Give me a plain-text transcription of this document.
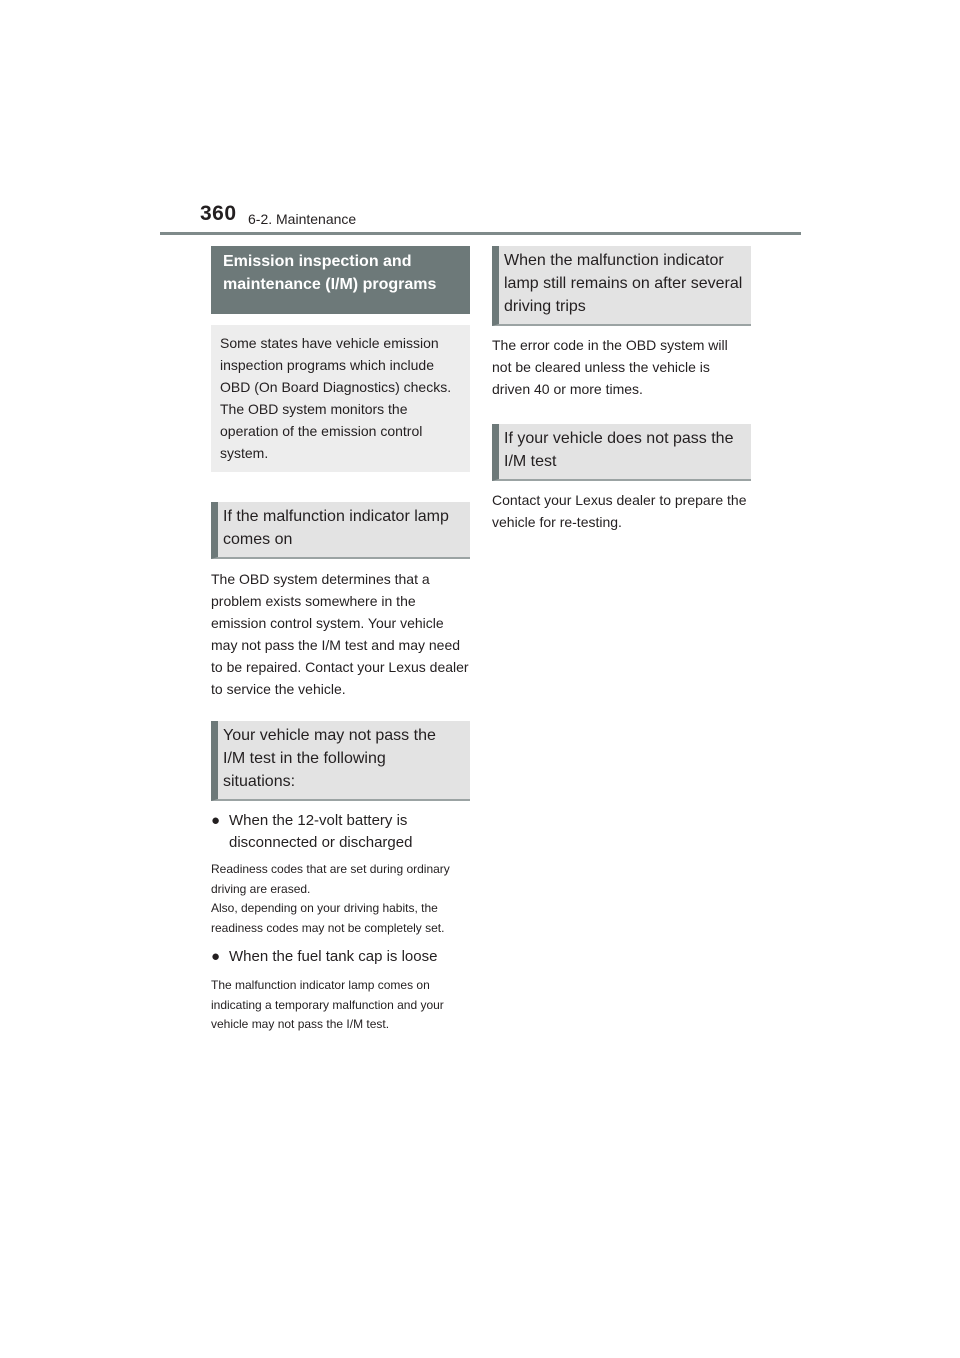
360 6-2. Maintenance
Emission inspection and maintenance (I/M) programs
Some states have vehicle emission inspection programs which include OBD (On Board Diagnostics) checks. The OBD system monitors the operation of the emission control system.
If the malfunction indicator lamp comes on

The OBD system determines that a problem exists somewhere in the emission control system. Your vehicle may not pass the I/M test and may need to be repaired. Contact your Lexus dealer to service the vehicle.

Your vehicle may not pass the I/M test in the following situations:
● When the 12-volt battery is disconnected or discharged

Readiness codes that are set during ordinary driving are erased.

Also, depending on your driving habits, the readiness codes may not be completely set.

● When the fuel tank cap is loose

The malfunction indicator lamp comes on indicating a temporary malfunction and your vehicle may not pass the I/M test.

When the malfunction indicator lamp still remains on after several driving trips

The error code in the OBD system will not be cleared unless the vehicle is driven 40 or more times.

If your vehicle does not pass the I/M test

Contact your Lexus dealer to prepare the vehicle for re-testing.
